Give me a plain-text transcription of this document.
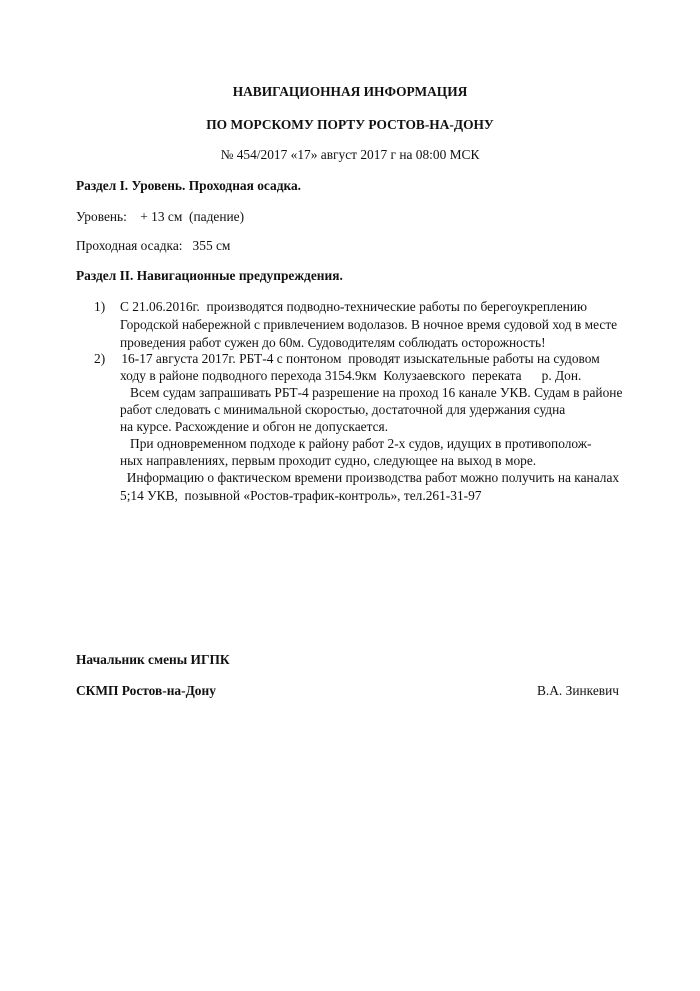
НАВИГАЦИОННАЯ ИНФОРМАЦИЯ
ПО МОРСКОМУ ПОРТУ РОСТОВ-НА-ДОНУ
№ 454/2017 «17» август 2017 г на 08:00 МСК
Раздел I. Уровень. Проходная осадка.
Уровень:    + 13 см  (падение)
Проходная осадка:   355 см
Раздел II. Навигационные предупреждения.
1) С 21.06.2016г.  производятся подводно-технические работы по берегоукреплению
Городской набережной с привлечением водолазов. В ночное время судовой ход в месте
проведения работ сужен до 60м. Судоводителям соблюдать осторожность!
2) 16-17 августа 2017г. РБТ-4 с понтоном  проводят изыскательные работы на судовом
ходу в районе подводного перехода 3154.9км  Колузаевского  переката      р. Дон.
Всем судам запрашивать РБТ-4 разрешение на проход 16 канале УКВ. Судам в районе
работ следовать с минимальной скоростью, достаточной для удержания судна
на курсе. Расхождение и обгон не допускается.
При одновременном подходе к району работ 2-х судов, идущих в противополож-
ных направлениях, первым проходит судно, следующее на выход в море.
Информацию о фактическом времени производства работ можно получить на каналах
5;14 УКВ,  позывной «Ростов-трафик-контроль», тел.261-31-97
Начальник смены ИГПК
СКМП Ростов-на-Дону	В.А. Зинкевич
